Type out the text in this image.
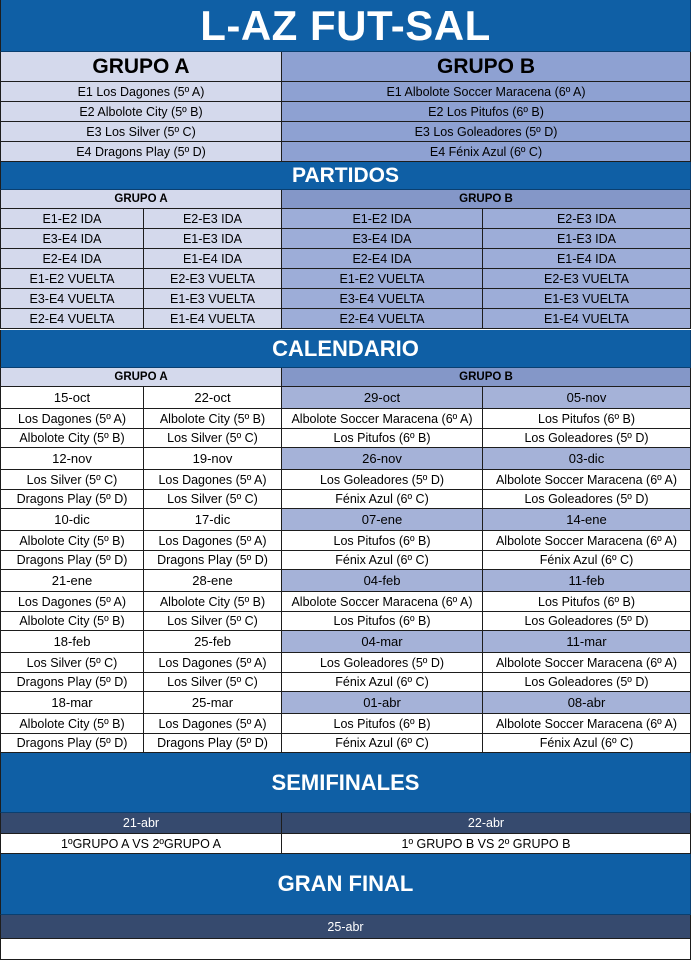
L-AZ FUT-SAL
GRUPO A	GRUPO B
E1 Los Dagones (5º A)	E1 Albolote Soccer Maracena (6º A)
E2 Albolote City (5º B)	E2 Los Pitufos (6º B)
E3 Los Silver (5º C)	E3 Los Goleadores (5º D)
E4 Dragons Play (5º D)	E4 Fénix Azul (6º C)
PARTIDOS
GRUPO A	GRUPO B
E1-E2 IDA	E2-E3 IDA	E1-E2 IDA	E2-E3 IDA
E3-E4 IDA	E1-E3 IDA	E3-E4 IDA	E1-E3 IDA
E2-E4 IDA	E1-E4 IDA	E2-E4 IDA	E1-E4 IDA
E1-E2 VUELTA	E2-E3 VUELTA	E1-E2 VUELTA	E2-E3 VUELTA
E3-E4 VUELTA	E1-E3 VUELTA	E3-E4 VUELTA	E1-E3 VUELTA
E2-E4 VUELTA	E1-E4 VUELTA	E2-E4 VUELTA	E1-E4 VUELTA
CALENDARIO
GRUPO A	GRUPO B
15-oct	22-oct	29-oct	05-nov
Los Dagones (5º A)	Albolote City (5º B)	Albolote Soccer Maracena (6º A)	Los Pitufos (6º B)
Albolote City (5º B)	Los Silver (5º C)	Los Pitufos (6º B)	Los Goleadores (5º D)
12-nov	19-nov	26-nov	03-dic
Los Silver (5º C)	Los Dagones (5º A)	Los Goleadores (5º D)	Albolote Soccer Maracena (6º A)
Dragons Play (5º D)	Los Silver (5º C)	Fénix Azul (6º C)	Los Goleadores (5º D)
10-dic	17-dic	07-ene	14-ene
Albolote City (5º B)	Los Dagones (5º A)	Los Pitufos (6º B)	Albolote Soccer Maracena (6º A)
Dragons Play (5º D)	Dragons Play (5º D)	Fénix Azul (6º C)	Fénix Azul (6º C)
21-ene	28-ene	04-feb	11-feb
Los Dagones (5º A)	Albolote City (5º B)	Albolote Soccer Maracena (6º A)	Los Pitufos (6º B)
Albolote City (5º B)	Los Silver (5º C)	Los Pitufos (6º B)	Los Goleadores (5º D)
18-feb	25-feb	04-mar	11-mar
Los Silver (5º C)	Los Dagones (5º A)	Los Goleadores (5º D)	Albolote Soccer Maracena (6º A)
Dragons Play (5º D)	Los Silver (5º C)	Fénix Azul (6º C)	Los Goleadores (5º D)
18-mar	25-mar	01-abr	08-abr
Albolote City (5º B)	Los Dagones (5º A)	Los Pitufos (6º B)	Albolote Soccer Maracena (6º A)
Dragons Play (5º D)	Dragons Play (5º D)	Fénix Azul (6º C)	Fénix Azul (6º C)
SEMIFINALES
21-abr	22-abr
1ºGRUPO A VS 2ºGRUPO A	1º GRUPO B VS 2º GRUPO B
GRAN FINAL
25-abr
